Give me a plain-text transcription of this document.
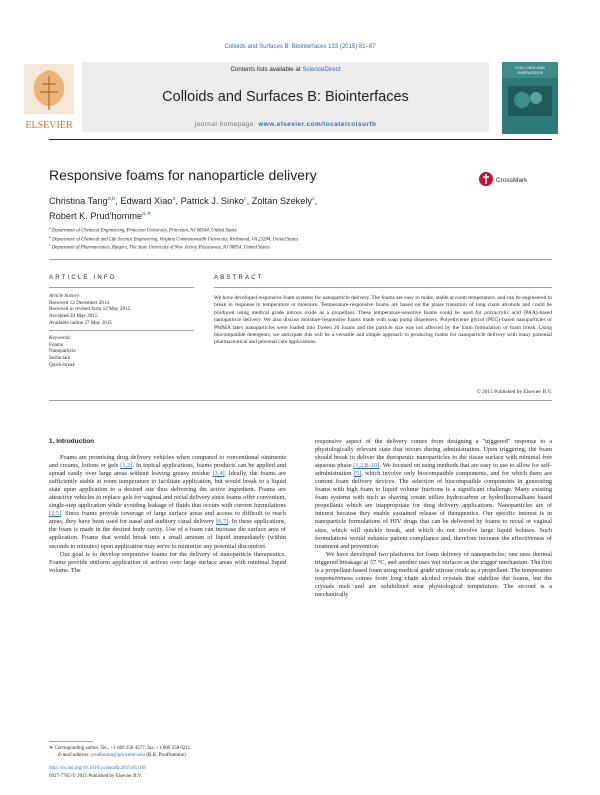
Colloids and Surfaces B: Biointerfaces 133 (2015) 81–87
ELSEVIER
Contents lists available at ScienceDirect
Colloids and Surfaces B: Biointerfaces
journal homepage: www.elsevier.com/locate/colsurfb
COLLOIDS AND
SURFACES B
Responsive foams for nanoparticle delivery	CrossMark
Christina Tang$^{a,b}$, Edward Xiao$^a$, Patrick J. Sinko$^c$, Zoltan Szekely$^c$,
Robert K. Prud'homme$^{a,∗}$
$^a$ Department of Chemical Engineering, Princeton University, Princeton, NJ 08544, United States
$^b$ Department of Chemical and Life Science Engineering, Virginia Commonwealth University, Richmond, VA 23284, United States
$^c$ Department of Pharmaceutics, Rutgers, The State University of New Jersey, Piscataway, NJ 08854, United States
ARTICLE INFO
Article history:
Received 13 December 2014
Received in revised form 12 May 2015
Accepted 20 May 2015
Available online 27 May 2015
Keywords:
Foams
Nanoparticle
Surfactant
Quick-break
ABSTRACT
We have developed responsive foam systems for nanoparticle delivery. The foams are easy to make, stable at room temperature, and can be engineered to break in response to temperature or moisture. Temperature-responsive foams are based on the phase transition of long chain alcohols and could be produced using medical grade nitrous oxide as a propellant. These temperature-sensitive foams could be used for polyacrylic acid (PAA)-based nanoparticle delivery. We also discuss moisture-responsive foams made with soap pump dispensers. Polyethylene glycol (PEG)-based nanoparticles or PMMA latex nanoparticles were loaded into Tween 20 foams and the particle size was not affected by the foam formulation or foam break. Using biocompatible detergents, we anticipate this will be a versatile and simple approach to producing foams for nanoparticle delivery with many potential pharmaceutical and personal care applications.
© 2015 Published by Elsevier B.V.
1. Introduction

Foams are promising drug delivery vehicles when compared to conventional ointments and creams, lotions or gels [1,2]. In topical applications, foams products can be applied and spread easily over large areas without leaving greasy residue [3,4]. Ideally, the foams are sufficiently stable at room temperature to facilitate application, but would break to a liquid state upon application to a desired site thus delivering the active ingredient. Foams are attractive vehicles to replace gels for vaginal and rectal delivery since foams offer convenient, single-step application while avoiding leakage of fluids that occurs with current formulations [2,5]. Since foams provide coverage of large surface areas and access to difficult to reach areas, they have been used for nasal and auditory canal delivery [6,7]. In these applications, the foam is made in the desired body cavity. Use of a foam can increase the surface area of application. Foams that would break into a small amount of liquid immediately (within seconds to minutes) upon application may serve to minimize any potential discomfort.

Our goal is to develop responsive foams for the delivery of nanoparticle therapeutics. Foams provide uniform application of actives over large surface areas with minimal liquid volume. The

responsive aspect of the delivery comes from designing a "triggered" response to a physiologically relevant state that occurs during administration. Upon triggering, the foam should break to deliver the therapeutic nanoparticles to the tissue surface with minimal free aqueous phase [1,2,8–10]. We focused on using methods that are easy to use to allow for self-administration [5], which involve only biocompatible components, and for which there are current foam delivery devices. The selection of biocompatible components in generating foams with high foam to liquid volume fractions is a significant challenge. Many existing foam systems with such as shaving cream utilize hydrocarbon or hydrofluoroalkane based propellants which are inappropriate for drug delivery applications. Nanoparticles are of interest because they enable sustained release of therapeutics. Our specific interest is in nanoparticle formulations of HIV drugs that can be delivered by foams to rectal or vaginal sites, which will quickly break, and which do not involve large liquid boluses. Such formulations would enhance patient compliance and, therefore increase the effectiveness of treatment and prevention.

We have developed two platforms for foam delivery of nanoparticles; one uses thermal triggered breakage at 37 °C, and another uses wet surfaces as the trigger mechanism. The first is a propellant-based foam using medical grade nitrous oxide as a propellant. The temperature responsiveness comes from long chain alcohol crystals that stabilize the foams, but the crystals melt and are solubilized near physiological temperature. The second is a mechanically

∗ Corresponding author. Tel.: +1 609 258 4577; fax: +1 609 258 0211.
E-mail address: prudhomm@princeton.edu (R.K. Prud'homme).
http://dx.doi.org/10.1016/j.colsurfb.2015.05.038
0927-7765/© 2015 Published by Elsevier B.V.
